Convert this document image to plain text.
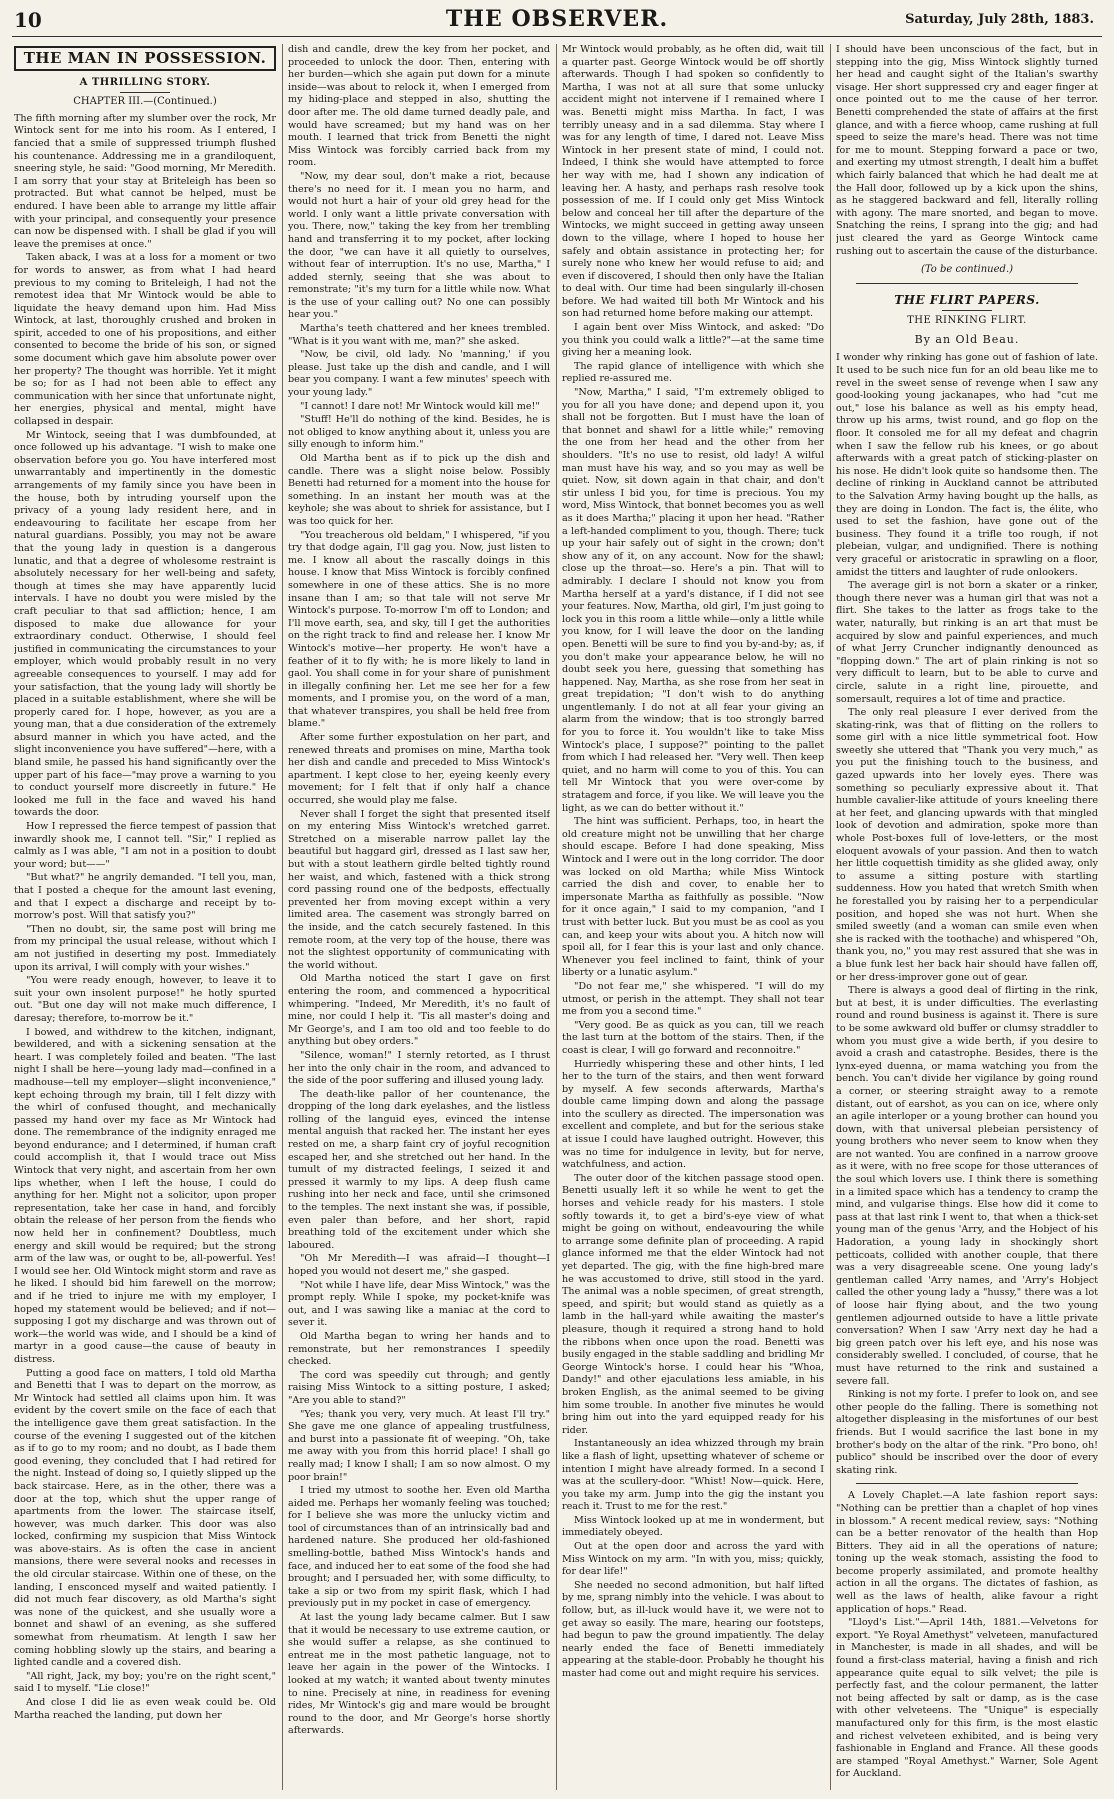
10	THE OBSERVER.	Saturday, July 28th, 1883.
THE MAN IN POSSESSION.
A THRILLING STORY.
CHAPTER III.—(Continued.)

The fifth morning after my slumber over the rock, Mr Wintock sent for me into his room. As I entered, I fancied that a smile of suppressed triumph flushed his countenance. Addressing me in a grandiloquent, sneering style, he said: "Good morning, Mr Meredith. I am sorry that your stay at Briteleigh has been so protracted. But what cannot be helped, must be endured. I have been able to arrange my little affair with your principal, and consequently your presence can now be dispensed with. I shall be glad if you will leave the premises at once."

Taken aback, I was at a loss for a moment or two for words to answer, as from what I had heard previous to my coming to Briteleigh, I had not the remotest idea that Mr Wintock would be able to liquidate the heavy demand upon him. Had Miss Wintock, at last, thoroughly crushed and broken in spirit, acceded to one of his propositions, and either consented to become the bride of his son, or signed some document which gave him absolute power over her property? The thought was horrible. Yet it might be so; for as I had not been able to effect any communication with her since that unfortunate night, her energies, physical and mental, might have collapsed in despair.

Mr Wintock, seeing that I was dumbfounded, at once followed up his advantage. "I wish to make one observation before you go. You have interfered most unwarrantably and impertinently in the domestic arrangements of my family since you have been in the house, both by intruding yourself upon the privacy of a young lady resident here, and in endeavouring to facilitate her escape from her natural guardians. Possibly, you may not be aware that the young lady in question is a dangerous lunatic, and that a degree of wholesome restraint is absolutely necessary for her well-being and safety, though at times she may have apparently lucid intervals. I have no doubt you were misled by the craft peculiar to that sad affliction; hence, I am disposed to make due allowance for your extraordinary conduct. Otherwise, I should feel justified in communicating the circumstances to your employer, which would probably result in no very agreeable consequences to yourself. I may add for your satisfaction, that the young lady will shortly be placed in a suitable establishment, where she will be properly cared for. I hope, however, as you are a young man, that a due consideration of the extremely absurd manner in which you have acted, and the slight inconvenience you have suffered"—here, with a bland smile, he passed his hand significantly over the upper part of his face—"may prove a warning to you to conduct yourself more discreetly in future." He looked me full in the face and waved his hand towards the door.

How I repressed the fierce tempest of passion that inwardly shook me, I cannot tell. "Sir," I replied as calmly as I was able, "I am not in a position to doubt your word; but——"

"But what?" he angrily demanded. "I tell you, man, that I posted a cheque for the amount last evening, and that I expect a discharge and receipt by to-morrow's post. Will that satisfy you?"

"Then no doubt, sir, the same post will bring me from my principal the usual release, without which I am not justified in deserting my post. Immediately upon its arrival, I will comply with your wishes."

"You were ready enough, however, to leave it to suit your own insolent purpose!" he hotly spurted out. "But one day will not make much difference, I daresay; therefore, to-morrow be it."

I bowed, and withdrew to the kitchen, indignant, bewildered, and with a sickening sensation at the heart. I was completely foiled and beaten. "The last night I shall be here—young lady mad—confined in a madhouse—tell my employer—slight inconvenience," kept echoing through my brain, till I felt dizzy with the whirl of confused thought, and mechanically passed my hand over my face as Mr Wintock had done. The remembrance of the indignity enraged me beyond endurance; and I determined, if human craft could accomplish it, that I would trace out Miss Wintock that very night, and ascertain from her own lips whether, when I left the house, I could do anything for her. Might not a solicitor, upon proper representation, take her case in hand, and forcibly obtain the release of her person from the fiends who now held her in confinement? Doubtless, much energy and skill would be required; but the strong arm of the law was, or ought to be, all-powerful. Yes! I would see her. Old Wintock might storm and rave as he liked. I should bid him farewell on the morrow; and if he tried to injure me with my employer, I hoped my statement would be believed; and if not—supposing I got my discharge and was thrown out of work—the world was wide, and I should be a kind of martyr in a good cause—the cause of beauty in distress.

Putting a good face on matters, I told old Martha and Benetti that I was to depart on the morrow, as Mr Wintock had settled all claims upon him. It was evident by the covert smile on the face of each that the intelligence gave them great satisfaction. In the course of the evening I suggested out of the kitchen as if to go to my room; and no doubt, as I bade them good evening, they concluded that I had retired for the night. Instead of doing so, I quietly slipped up the back staircase. Here, as in the other, there was a door at the top, which shut the upper range of apartments from the lower. The staircase itself, however, was much darker. This door was also locked, confirming my suspicion that Miss Wintock was above-stairs. As is often the case in ancient mansions, there were several nooks and recesses in the old circular staircase. Within one of these, on the landing, I ensconced myself and waited patiently. I did not much fear discovery, as old Martha's sight was none of the quickest, and she usually wore a bonnet and shawl of an evening, as she suffered somewhat from rheumatism. At length I saw her coming hobbling slowly up the stairs, and bearing a lighted candle and a covered dish.

"All right, Jack, my boy; you're on the right scent," said I to myself. "Lie close!"

And close I did lie as even weak could be. Old Martha reached the landing, put down her

dish and candle, drew the key from her pocket, and proceeded to unlock the door. Then, entering with her burden—which she again put down for a minute inside—was about to relock it, when I emerged from my hiding-place and stepped in also, shutting the door after me. The old dame turned deadly pale, and would have screamed; but my hand was on her mouth. I learned that trick from Benetti the night Miss Wintock was forcibly carried back from my room.

"Now, my dear soul, don't make a riot, because there's no need for it. I mean you no harm, and would not hurt a hair of your old grey head for the world. I only want a little private conversation with you. There, now," taking the key from her trembling hand and transferring it to my pocket, after locking the door, "we can have it all quietly to ourselves, without fear of interruption. It's no use, Martha," I added sternly, seeing that she was about to remonstrate; "it's my turn for a little while now. What is the use of your calling out? No one can possibly hear you."

Martha's teeth chattered and her knees trembled. "What is it you want with me, man?" she asked.

"Now, be civil, old lady. No 'manning,' if you please. Just take up the dish and candle, and I will bear you company. I want a few minutes' speech with your young lady."

"I cannot! I dare not! Mr Wintock would kill me!"

"Stuff! He'll do nothing of the kind. Besides, he is not obliged to know anything about it, unless you are silly enough to inform him."

Old Martha bent as if to pick up the dish and candle. There was a slight noise below. Possibly Benetti had returned for a moment into the house for something. In an instant her mouth was at the keyhole; she was about to shriek for assistance, but I was too quick for her.

"You treacherous old beldam," I whispered, "if you try that dodge again, I'll gag you. Now, just listen to me. I know all about the rascally doings in this house. I know that Miss Wintock is forcibly confined somewhere in one of these attics. She is no more insane than I am; so that tale will not serve Mr Wintock's purpose. To-morrow I'm off to London; and I'll move earth, sea, and sky, till I get the authorities on the right track to find and release her. I know Mr Wintock's motive—her property. He won't have a feather of it to fly with; he is more likely to land in gaol. You shall come in for your share of punishment in illegally confining her. Let me see her for a few moments, and I promise you, on the word of a man, that whatever transpires, you shall be held free from blame."

After some further expostulation on her part, and renewed threats and promises on mine, Martha took her dish and candle and preceded to Miss Wintock's apartment. I kept close to her, eyeing keenly every movement; for I felt that if only half a chance occurred, she would play me false.

Never shall I forget the sight that presented itself on my entering Miss Wintock's wretched garret. Stretched on a miserable narrow pallet lay the beautiful but haggard girl, dressed as I last saw her, but with a stout leathern girdle belted tightly round her waist, and which, fastened with a thick strong cord passing round one of the bedposts, effectually prevented her from moving except within a very limited area. The casement was strongly barred on the inside, and the catch securely fastened. In this remote room, at the very top of the house, there was not the slightest opportunity of communicating with the world without.

Old Martha noticed the start I gave on first entering the room, and commenced a hypocritical whimpering. "Indeed, Mr Meredith, it's no fault of mine, nor could I help it. 'Tis all master's doing and Mr George's, and I am too old and too feeble to do anything but obey orders."

"Silence, woman!" I sternly retorted, as I thrust her into the only chair in the room, and advanced to the side of the poor suffering and illused young lady.

The death-like pallor of her countenance, the dropping of the long dark eyelashes, and the listless rolling of the languid eyes, evinced the intense mental anguish that racked her. The instant her eyes rested on me, a sharp faint cry of joyful recognition escaped her, and she stretched out her hand. In the tumult of my distracted feelings, I seized it and pressed it warmly to my lips. A deep flush came rushing into her neck and face, until she crimsoned to the temples. The next instant she was, if possible, even paler than before, and her short, rapid breathing told of the excitement under which she laboured.

"Oh Mr Meredith—I was afraid—I thought—I hoped you would not desert me," she gasped.

"Not while I have life, dear Miss Wintock," was the prompt reply. While I spoke, my pocket-knife was out, and I was sawing like a maniac at the cord to sever it.

Old Martha began to wring her hands and to remonstrate, but her remonstrances I speedily checked.

The cord was speedily cut through; and gently raising Miss Wintock to a sitting posture, I asked; "Are you able to stand?"

"Yes; thank you very, very much. At least I'll try." She gave me one glance of appealing trustfulness, and burst into a passionate fit of weeping. "Oh, take me away with you from this horrid place! I shall go really mad; I know I shall; I am so now almost. O my poor brain!"

I tried my utmost to soothe her. Even old Martha aided me. Perhaps her womanly feeling was touched; for I believe she was more the unlucky victim and tool of circumstances than of an intrinsically bad and hardened nature. She produced her old-fashioned smelling-bottle, bathed Miss Wintock's hands and face, and induced her to eat some of the food she had brought; and I persuaded her, with some difficulty, to take a sip or two from my spirit flask, which I had previously put in my pocket in case of emergency.

At last the young lady became calmer. But I saw that it would be necessary to use extreme caution, or she would suffer a relapse, as she continued to entreat me in the most pathetic language, not to leave her again in the power of the Wintocks. I looked at my watch; it wanted about twenty minutes to nine. Precisely at nine, in readiness for evening rides, Mr Wintock's gig and mare would be brought round to the door, and Mr George's horse shortly afterwards.

Mr Wintock would probably, as he often did, wait till a quarter past. George Wintock would be off shortly afterwards. Though I had spoken so confidently to Martha, I was not at all sure that some unlucky accident might not intervene if I remained where I was. Benetti might miss Martha. In fact, I was terribly uneasy and in a sad dilemma. Stay where I was for any length of time, I dared not. Leave Miss Wintock in her present state of mind, I could not. Indeed, I think she would have attempted to force her way with me, had I shown any indication of leaving her. A hasty, and perhaps rash resolve took possession of me. If I could only get Miss Wintock below and conceal her till after the departure of the Wintocks, we might succeed in getting away unseen down to the village, where I hoped to house her safely and obtain assistance in protecting her; for surely none who knew her would refuse to aid; and even if discovered, I should then only have the Italian to deal with. Our time had been singularly ill-chosen before. We had waited till both Mr Wintock and his son had returned home before making our attempt.

I again bent over Miss Wintock, and asked: "Do you think you could walk a little?"—at the same time giving her a meaning look.

The rapid glance of intelligence with which she replied re-assured me.

"Now, Martha," I said, "I'm extremely obliged to you for all you have done; and depend upon it, you shall not be forgotten. But I must have the loan of that bonnet and shawl for a little while;" removing the one from her head and the other from her shoulders. "It's no use to resist, old lady! A wilful man must have his way, and so you may as well be quiet. Now, sit down again in that chair, and don't stir unless I bid you, for time is precious. You my word, Miss Wintock, that bonnet becomes you as well as it does Martha;" placing it upon her head. "Rather a left-handed compliment to you, though. There; tuck up your hair safely out of sight in the crown; don't show any of it, on any account. Now for the shawl; close up the throat—so. Here's a pin. That will to admirably. I declare I should not know you from Martha herself at a yard's distance, if I did not see your features. Now, Martha, old girl, I'm just going to lock you in this room a little while—only a little while you know, for I will leave the door on the landing open. Benetti will be sure to find you by-and-by; as, if you don't make your appearance below, he will no doubt seek you here, guessing that something has happened. Nay, Martha, as she rose from her seat in great trepidation; "I don't wish to do anything ungentlemanly. I do not at all fear your giving an alarm from the window; that is too strongly barred for you to force it. You wouldn't like to take Miss Wintock's place, I suppose?" pointing to the pallet from which I had released her. "Very well. Then keep quiet, and no harm will come to you of this. You can tell Mr Wintock that you were over-come by stratagem and force, if you like. We will leave you the light, as we can do better without it."

The hint was sufficient. Perhaps, too, in heart the old creature might not be unwilling that her charge should escape. Before I had done speaking, Miss Wintock and I were out in the long corridor. The door was locked on old Martha; while Miss Wintock carried the dish and cover, to enable her to impersonate Martha as faithfully as possible. "Now for it once again," I said to my companion, "and I trust with better luck. But you must be as cool as you can, and keep your wits about you. A hitch now will spoil all, for I fear this is your last and only chance. Whenever you feel inclined to faint, think of your liberty or a lunatic asylum."

"Do not fear me," she whispered. "I will do my utmost, or perish in the attempt. They shall not tear me from you a second time."

"Very good. Be as quick as you can, till we reach the last turn at the bottom of the stairs. Then, if the coast is clear, I will go forward and reconnoitre."

Hurriedly whispering these and other hints, I led her to the turn of the stairs, and then went forward by myself. A few seconds afterwards, Martha's double came limping down and along the passage into the scullery as directed. The impersonation was excellent and complete, and but for the serious stake at issue I could have laughed outright. However, this was no time for indulgence in levity, but for nerve, watchfulness, and action.

The outer door of the kitchen passage stood open. Benetti usually left it so while he went to get the horses and vehicle ready for his masters. I stole softly towards it, to get a bird's-eye view of what might be going on without, endeavouring the while to arrange some definite plan of proceeding. A rapid glance informed me that the elder Wintock had not yet departed. The gig, with the fine high-bred mare he was accustomed to drive, still stood in the yard. The animal was a noble specimen, of great strength, speed, and spirit; but would stand as quietly as a lamb in the hall-yard while awaiting the master's pleasure, though it required a strong hand to hold the ribbons when once upon the road. Benetti was busily engaged in the stable saddling and bridling Mr George Wintock's horse. I could hear his "Whoa, Dandy!" and other ejaculations less amiable, in his broken English, as the animal seemed to be giving him some trouble. In another five minutes he would bring him out into the yard equipped ready for his rider.

Instantaneously an idea whizzed through my brain like a flash of light, upsetting whatever of scheme or intention I might have already formed. In a second I was at the scullery-door. "Whist! Now—quick. Here, you take my arm. Jump into the gig the instant you reach it. Trust to me for the rest."

Miss Wintock looked up at me in wonderment, but immediately obeyed.

Out at the open door and across the yard with Miss Wintock on my arm. "In with you, miss; quickly, for dear life!"

She needed no second admonition, but half lifted by me, sprang nimbly into the vehicle. I was about to follow, but, as ill-luck would have it, we were not to get away so easily. The mare, hearing our footsteps, had begun to paw the ground impatiently. The delay nearly ended the face of Benetti immediately appearing at the stable-door. Probably he thought his master had come out and might require his services.

I should have been unconscious of the fact, but in stepping into the gig, Miss Wintock slightly turned her head and caught sight of the Italian's swarthy visage. Her short suppressed cry and eager finger at once pointed out to me the cause of her terror. Benetti comprehended the state of affairs at the first glance, and with a fierce whoop, came rushing at full speed to seize the mare's head. There was not time for me to mount. Stepping forward a pace or two, and exerting my utmost strength, I dealt him a buffet which fairly balanced that which he had dealt me at the Hall door, followed up by a kick upon the shins, as he staggered backward and fell, literally rolling with agony. The mare snorted, and began to move. Snatching the reins, I sprang into the gig; and had just cleared the yard as George Wintock came rushing out to ascertain the cause of the disturbance.

(To be continued.)
THE FLIRT PAPERS.
THE RINKING FLIRT.
By an Old Beau.

I wonder why rinking has gone out of fashion of late. It used to be such nice fun for an old beau like me to revel in the sweet sense of revenge when I saw any good-looking young jackanapes, who had "cut me out," lose his balance as well as his empty head, throw up his arms, twist round, and go flop on the floor. It consoled me for all my defeat and chagrin when I saw the fellow rub his knees, or go about afterwards with a great patch of sticking-plaster on his nose. He didn't look quite so handsome then. The decline of rinking in Auckland cannot be attributed to the Salvation Army having bought up the halls, as they are doing in London. The fact is, the élite, who used to set the fashion, have gone out of the business. They found it a trifle too rough, if not plebeian, vulgar, and undignified. There is nothing very graceful or aristocratic in sprawling on a floor, amidst the titters and laughter of rude onlookers.

The average girl is not born a skater or a rinker, though there never was a human girl that was not a flirt. She takes to the latter as frogs take to the water, naturally, but rinking is an art that must be acquired by slow and painful experiences, and much of what Jerry Cruncher indignantly denounced as "flopping down." The art of plain rinking is not so very difficult to learn, but to be able to curve and circle, salute in a right line, pirouette, and somersault, requires a lot of time and practice.

The only real pleasure I ever derived from the skating-rink, was that of flitting on the rollers to some girl with a nice little symmetrical foot. How sweetly she uttered that "Thank you very much," as you put the finishing touch to the business, and gazed upwards into her lovely eyes. There was something so peculiarly expressive about it. That humble cavalier-like attitude of yours kneeling there at her feet, and glancing upwards with that mingled look of devotion and admiration, spoke more than whole Post-boxes full of love-letters, or the most eloquent avowals of your passion. And then to watch her little coquettish timidity as she glided away, only to assume a sitting posture with startling suddenness. How you hated that wretch Smith when he forestalled you by raising her to a perpendicular position, and hoped she was not hurt. When she smiled sweetly (and a woman can smile even when she is racked with the toothache) and whispered "Oh, thank you, no," you may rest assured that she was in a blue funk lest her back hair should have fallen off, or her dress-improver gone out of gear.

There is always a good deal of flirting in the rink, but at best, it is under difficulties. The everlasting round and round business is against it. There is sure to be some awkward old buffer or clumsy straddler to whom you must give a wide berth, if you desire to avoid a crash and catastrophe. Besides, there is the lynx-eyed duenna, or mama watching you from the bench. You can't divide her vigilance by going round a corner, or steering straight away to a remote distant, out of earshot, as you can on ice, where only an agile interloper or a young brother can hound you down, with that universal plebeian persistency of young brothers who never seem to know when they are not wanted. You are confined in a narrow groove as it were, with no free scope for those utterances of the soul which lovers use. I think there is something in a limited space which has a tendency to cramp the mind, and vulgarise things. Else how did it come to pass at that last rink I went to, that when a thick-set young man of the genus 'Arry, and the Hobject of his Hadoration, a young lady in shockingly short petticoats, collided with another couple, that there was a very disagreeable scene. One young lady's gentleman called 'Arry names, and 'Arry's Hobject called the other young lady a "hussy," there was a lot of loose hair flying about, and the two young gentlemen adjourned outside to have a little private conversation? When I saw 'Arry next day he had a big green patch over his left eye, and his nose was considerably swelled. I concluded, of course, that he must have returned to the rink and sustained a severe fall.

Rinking is not my forte. I prefer to look on, and see other people do the falling. There is something not altogether displeasing in the misfortunes of our best friends. But I would sacrifice the last bone in my brother's body on the altar of the rink. "Pro bono, oh! publico" should be inscribed over the door of every skating rink.

A Lovely Chaplet.—A late fashion report says: "Nothing can be prettier than a chaplet of hop vines in blossom." A recent medical review, says: "Nothing can be a better renovator of the health than Hop Bitters. They aid in all the operations of nature; toning up the weak stomach, assisting the food to become properly assimilated, and promote healthy action in all the organs. The dictates of fashion, as well as the laws of health, alike favour a right application of hops." Read.

"Lloyd's List."—April 14th, 1881.—Velvetons for export. "Ye Royal Amethyst" velveteen, manufactured in Manchester, is made in all shades, and will be found a first-class material, having a finish and rich appearance quite equal to silk velvet; the pile is perfectly fast, and the colour permanent, the latter not being affected by salt or damp, as is the case with other velveteens. The "Unique" is especially manufactured only for this firm, is the most elastic and richest velveteen exhibited, and is being very fashionable in England and France. All these goods are stamped "Royal Amethyst." Warner, Sole Agent for Auckland.
